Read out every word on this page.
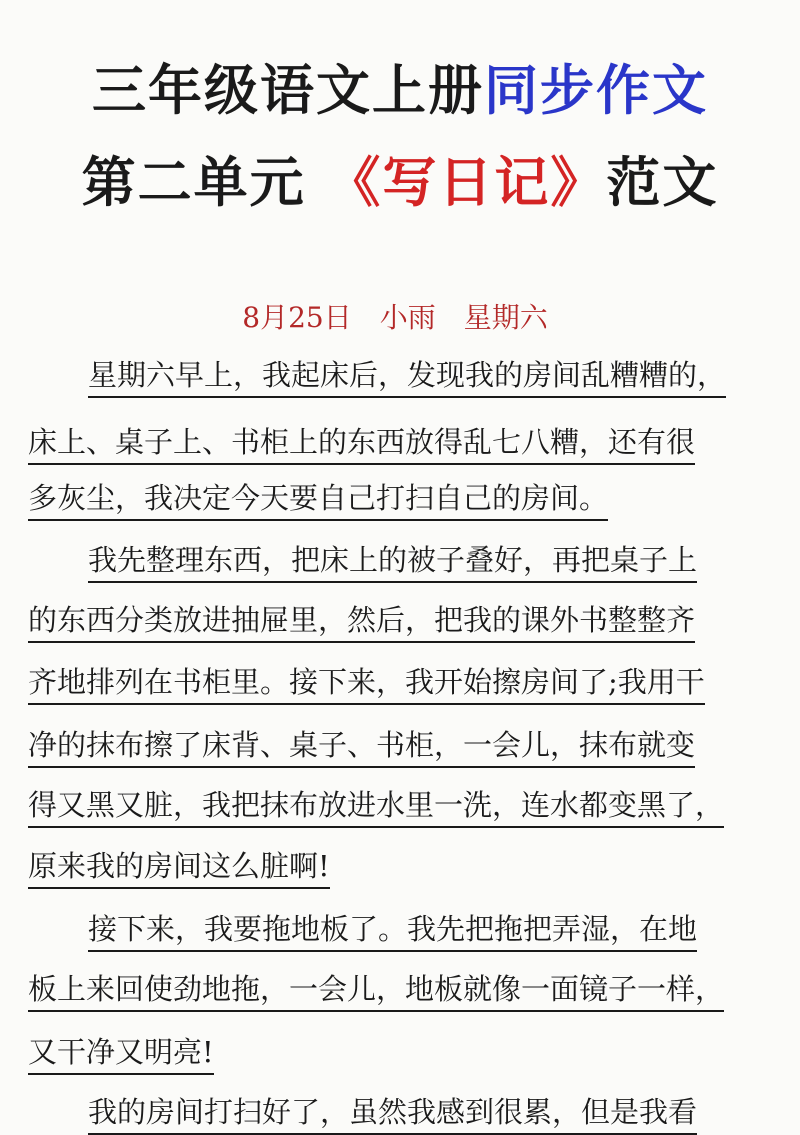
三年级语文上册同步作文
第二单元 《写日记》范文
8月25日 小雨 星期六
星期六早上，我起床后，发现我的房间乱糟糟的，
床上、桌子上、书柜上的东西放得乱七八糟，还有很
多灰尘，我决定今天要自己打扫自己的房间。
我先整理东西，把床上的被子叠好，再把桌子上
的东西分类放进抽屉里，然后，把我的课外书整整齐
齐地排列在书柜里。接下来，我开始擦房间了;我用干
净的抹布擦了床背、桌子、书柜，一会儿，抹布就变
得又黑又脏，我把抹布放进水里一洗，连水都变黑了，
原来我的房间这么脏啊!
接下来，我要拖地板了。我先把拖把弄湿，在地
板上来回使劲地拖，一会儿，地板就像一面镜子一样，
又干净又明亮!
我的房间打扫好了，虽然我感到很累，但是我看
